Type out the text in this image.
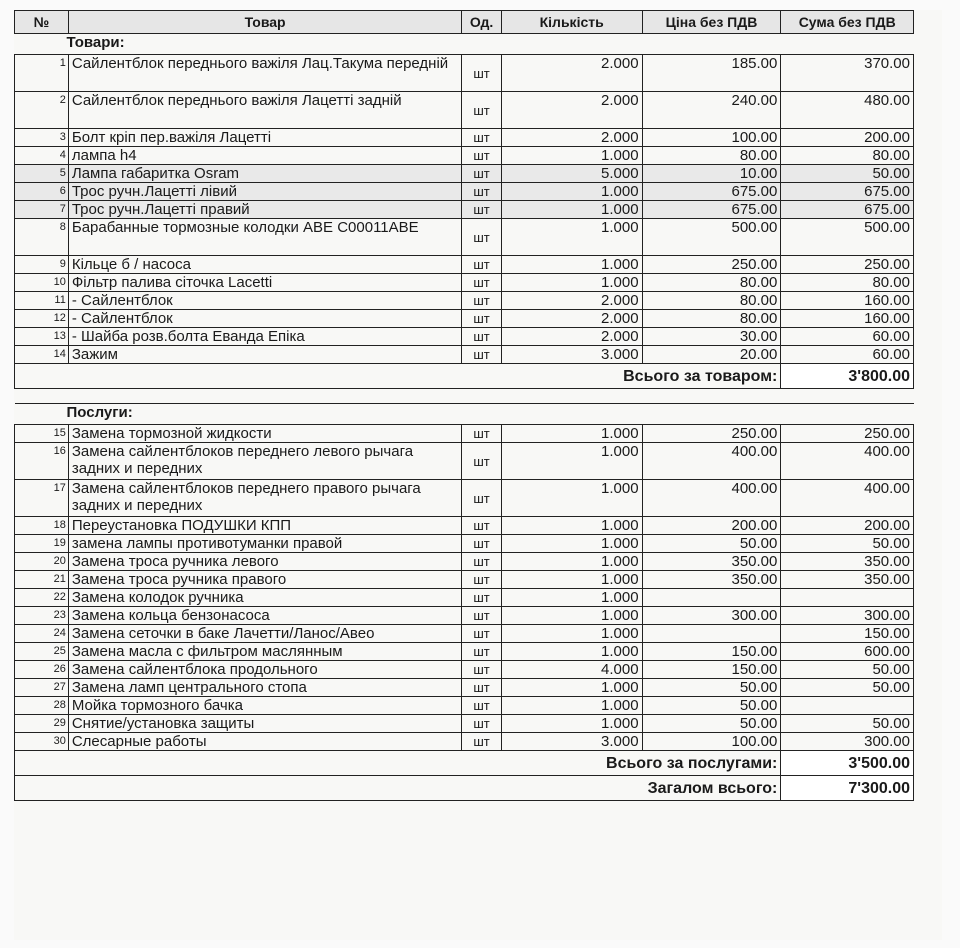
№	Товар	Од.	Кількість	Ціна без ПДВ	Сума без ПДВ
Товари:					
1	Сайлентблок переднього важіля Лац.Такума передній	шт	2.000	185.00	370.00
2	Сайлентблок переднього важіля Лацетті задній	шт	2.000	240.00	480.00
3	Болт кріп пер.важіля Лацетті	шт	2.000	100.00	200.00
4	лампа h4	шт	1.000	80.00	80.00
5	Лампа габаритка Osram	шт	5.000	10.00	50.00
6	Трос ручн.Лацетті лівий	шт	1.000	675.00	675.00
7	Трос ручн.Лацетті правий	шт	1.000	675.00	675.00
8	Барабанные тормозные колодки ABE C00011ABE	шт	1.000	500.00	500.00
9	Кільце б / насоса	шт	1.000	250.00	250.00
10	Фільтр палива сіточка Lacetti	шт	1.000	80.00	80.00
11	- Сайлентблок	шт	2.000	80.00	160.00
12	- Сайлентблок	шт	2.000	80.00	160.00
13	- Шайба розв.болта Еванда Епіка	шт	2.000	30.00	60.00
14	Зажим	шт	3.000	20.00	60.00
Всього за товаром:					3'800.00

Послуги:					
15	Замена тормозной жидкости	шт	1.000	250.00	250.00
16	Замена сайлентблоков переднего левого рычага задних и передних	шт	1.000	400.00	400.00
17	Замена сайлентблоков переднего правого рычага задних и передних	шт	1.000	400.00	400.00
18	Переустановка ПОДУШКИ КПП	шт	1.000	200.00	200.00
19	замена лампы противотуманки правой	шт	1.000	50.00	50.00
20	Замена троса ручника левого	шт	1.000	350.00	350.00
21	Замена троса ручника правого	шт	1.000	350.00	350.00
22	Замена колодок ручника	шт	1.000		
23	Замена кольца бензонасоса	шт	1.000	300.00	300.00
24	Замена сеточки в баке Лачетти/Ланос/Авео	шт	1.000		150.00
25	Замена масла с фильтром маслянным	шт	1.000	150.00	600.00
26	Замена сайлентблока продольного	шт	4.000	150.00	50.00
27	Замена ламп центрального стопа	шт	1.000	50.00	50.00
28	Мойка тормозного бачка	шт	1.000	50.00	
29	Снятие/установка защиты	шт	1.000	50.00	50.00
30	Слесарные работы	шт	3.000	100.00	300.00
Всього за послугами:					3'500.00
Загалом всього:					7'300.00
